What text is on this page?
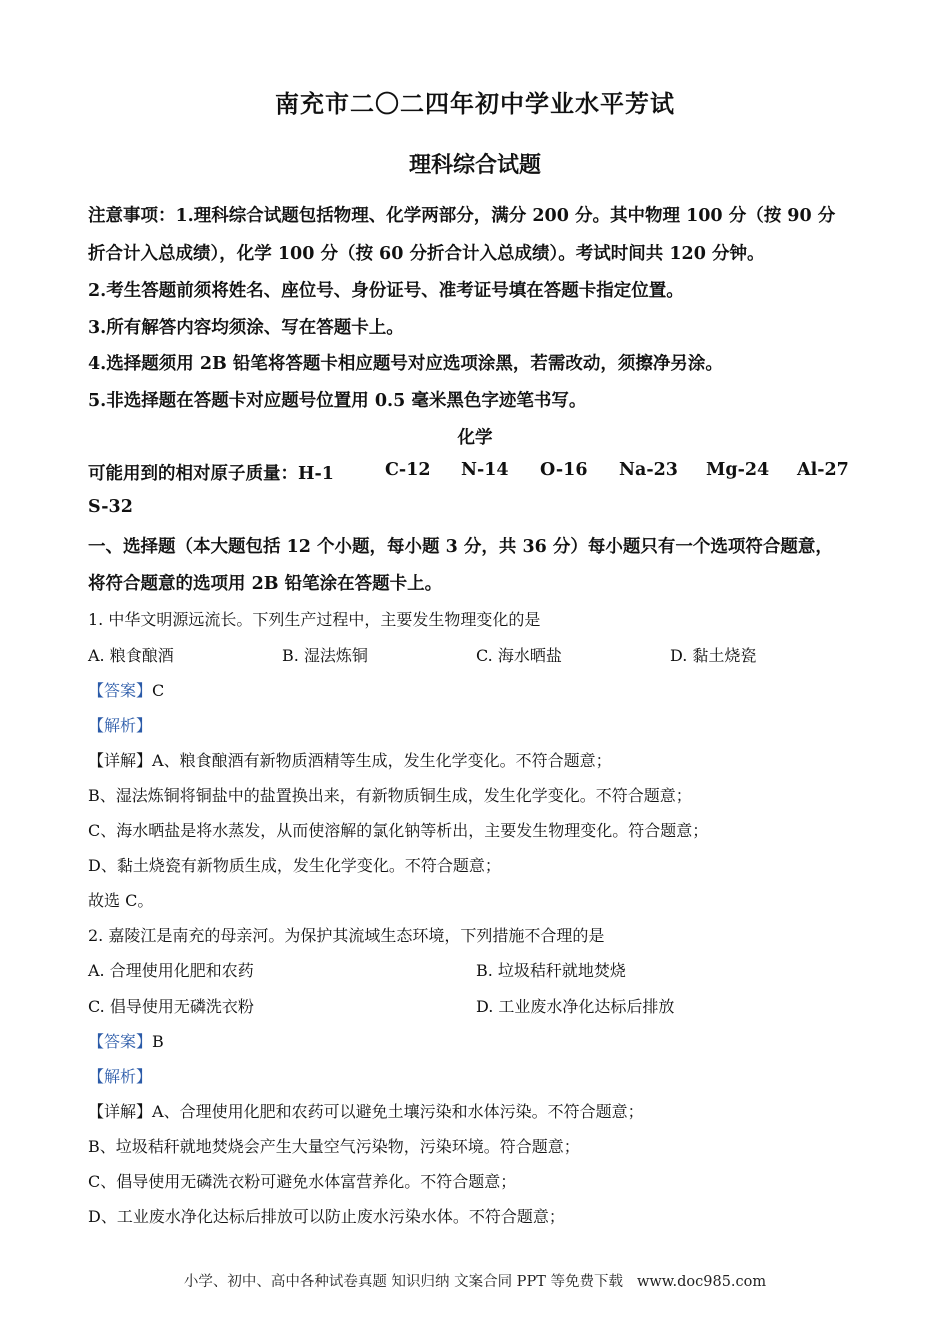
南充市二〇二四年初中学业水平芳试
理科综合试题
注意事项：1.理科综合试题包括物理、化学两部分，满分 200 分。其中物理 100 分（按 90 分
折合计入总成绩），化学 100 分（按 60 分折合计入总成绩）。考试时间共 120 分钟。
2.考生答题前须将姓名、座位号、身份证号、准考证号填在答题卡指定位置。
3.所有解答内容均须涂、写在答题卡上。
4.选择题须用 2B 铅笔将答题卡相应题号对应选项涂黑，若需改动，须擦净另涂。
5.非选择题在答题卡对应题号位置用 0.5 毫米黑色字迹笔书写。
化学
可能用到的相对原子质量：H-1	C-12 N-14 O-16 Na-23 Mg-24 Al-27
S-32
一、选择题（本大题包括 12 个小题，每小题 3 分，共 36 分）每小题只有一个选项符合题意，
将符合题意的选项用 2B 铅笔涂在答题卡上。
1. 中华文明源远流长。下列生产过程中，主要发生物理变化的是
A. 粮食酿酒	B. 湿法炼铜	C. 海水晒盐	D. 黏土烧瓷
【答案】C
【解析】
【详解】A、粮食酿酒有新物质酒精等生成，发生化学变化。不符合题意；
B、湿法炼铜将铜盐中的盐置换出来，有新物质铜生成，发生化学变化。不符合题意；
C、海水晒盐是将水蒸发，从而使溶解的氯化钠等析出，主要发生物理变化。符合题意；
D、黏土烧瓷有新物质生成，发生化学变化。不符合题意；
故选 C。
2. 嘉陵江是南充的母亲河。为保护其流域生态环境，下列措施不合理的是
A. 合理使用化肥和农药	B. 垃圾秸秆就地焚烧
C. 倡导使用无磷洗衣粉	D. 工业废水净化达标后排放
【答案】B
【解析】
【详解】A、合理使用化肥和农药可以避免土壤污染和水体污染。不符合题意；
B、垃圾秸秆就地焚烧会产生大量空气污染物，污染环境。符合题意；
C、倡导使用无磷洗衣粉可避免水体富营养化。不符合题意；
D、工业废水净化达标后排放可以防止废水污染水体。不符合题意；
小学、初中、高中各种试卷真题 知识归纳 文案合同 PPT 等免费下载 www.doc985.com
